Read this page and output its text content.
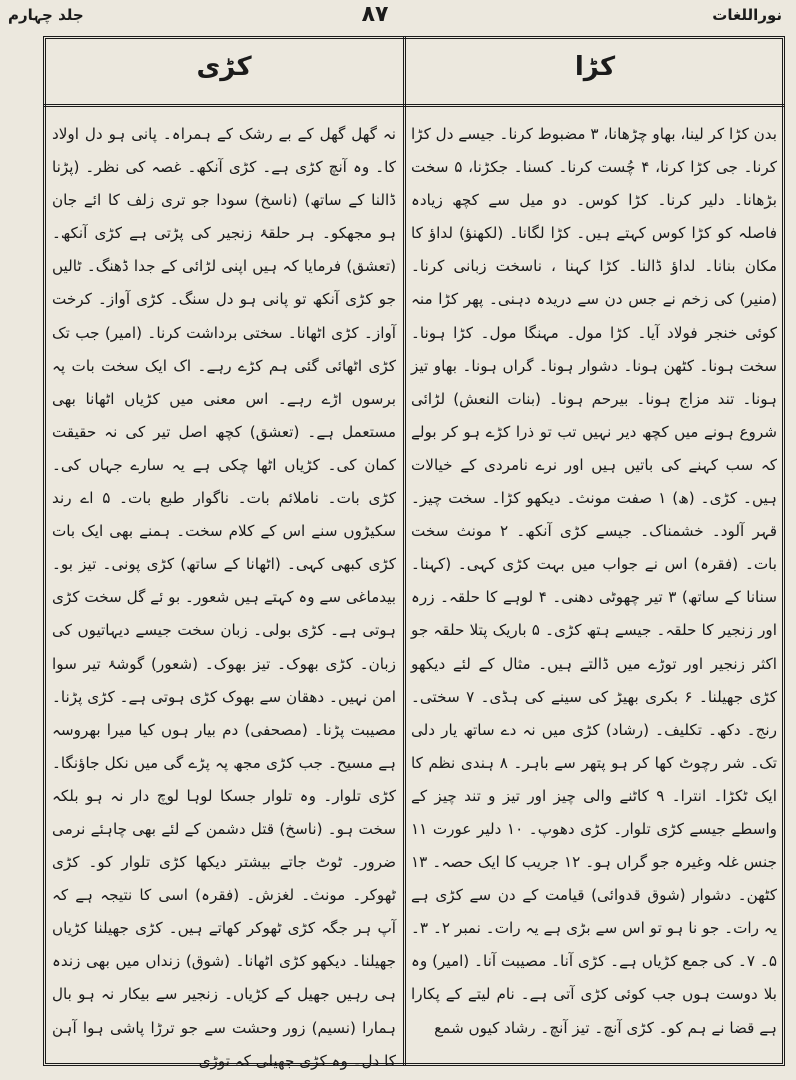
جلد چہارم	۸۷	نوراللغات
کڑا
کڑی

بدن کڑا کر لینا، بھاو چڑھانا، ۳ مضبوط کرنا۔ جیسے دل کڑا کرنا۔ جی کڑا کرنا، ۴ چُست کرنا۔ کسنا۔ جکڑنا، ۵ سخت بڑھانا۔ دلیر کرنا۔ کڑا کوس۔ دو میل سے کچھ زیادہ فاصلہ کو کڑا کوس کہتے ہیں۔ کڑا لگانا۔ (لکھنؤ) لداؤ کا مکان بنانا۔ لداؤ ڈالنا۔ کڑا کہنا ، ناسخت زبانی کرنا۔ (منیر) کی زخم نے جس دن سے دریدہ دہنی۔ پھر کڑا منہ کوئی خنجر فولاد آیا۔ کڑا مول۔ مہنگا مول۔ کڑا ہونا۔ سخت ہونا۔ کٹھن ہونا۔ دشوار ہونا۔ گراں ہونا۔ بھاو تیز ہونا۔ تند مزاج ہونا۔ بیرحم ہونا۔ (بنات النعش) لڑائی شروع ہونے میں کچھ دیر نہیں تب تو ذرا کڑے ہو کر بولے کہ سب کہنے کی باتیں ہیں اور نرے نامردی کے خیالات ہیں۔ کڑی۔ (ھ) ۱ صفت مونث۔ دیکھو کڑا۔ سخت چیز۔ قہر آلود۔ خشمناک۔ جیسے کڑی آنکھ۔ ۲ مونث سخت بات۔ (فقرہ) اس نے جواب میں بہت کڑی کہی۔ (کہنا۔ سنانا کے ساتھ) ۳ تیر چھوٹی دھنی۔ ۴ لوہے کا حلقہ۔ زرہ اور زنجیر کا حلقہ۔ جیسے ہتھ کڑی۔ ۵ باریک پتلا حلقہ جو اکثر زنجیر اور توڑے میں ڈالتے ہیں۔ مثال کے لئے دیکھو کڑی جھیلنا۔ ۶ بکری بھیڑ کی سینے کی ہڈی۔ ۷ سختی۔ رنج۔ دکھ۔ تکلیف۔ (رشاد) کڑی میں نہ دے ساتھ یار دلی تک۔ شر رچوٹ کھا کر ہو پتھر سے باہر۔ ۸ ہندی نظم کا ایک ٹکڑا۔ انترا۔ ۹ کاٹنے والی چیز اور تیز و تند چیز کے واسطے جیسے کڑی تلوار۔ کڑی دھوپ۔ ۱۰ دلیر عورت ۱۱ جنس غلہ وغیرہ جو گراں ہو۔ ۱۲ جریب کا ایک حصہ۔ ۱۳ کٹھن۔ دشوار (شوق قدوائی) قیامت کے دن سے کڑی ہے یہ رات۔ جو نا ہو تو اس سے بڑی ہے یہ رات۔ نمبر ۲۔ ۳۔ ۵۔ ۷۔ کی جمع کڑیاں ہے۔ کڑی آنا۔ مصیبت آنا۔ (امیر) وہ بلا دوست ہوں جب کوئی کڑی آتی ہے۔ نام لیتے کے پکارا ہے قضا نے ہم کو۔ کڑی آنچ۔ تیز آنچ۔ رشاد کیوں شمع

نہ گھل گھل کے بے رشک کے ہمراہ۔ پانی ہو دل اولاد کا۔ وہ آنچ کڑی ہے۔ کڑی آنکھ۔ غصہ کی نظر۔ (پڑنا ڈالنا کے ساتھ) (ناسخ) سودا جو تری زلف کا ائے جان ہو مجھکو۔ ہر حلقۂ زنجیر کی پڑتی ہے کڑی آنکھ۔ (تعشق) فرمایا کہ ہیں اپنی لڑائی کے جدا ڈھنگ۔ ٹالیں جو کڑی آنکھ تو پانی ہو دل سنگ۔ کڑی آواز۔ کرخت آواز۔ کڑی اٹھانا۔ سختی برداشت کرنا۔ (امیر) جب تک کڑی اٹھائی گئی ہم کڑے رہے۔ اک ایک سخت بات پہ برسوں اڑے رہے۔ اس معنی میں کڑیاں اٹھانا بھی مستعمل ہے۔ (تعشق) کچھ اصل تیر کی نہ حقیقت کمان کی۔ کڑیاں اٹھا چکی ہے یہ سارے جہاں کی۔ کڑی بات۔ ناملائم بات۔ ناگوار طبع بات۔ ۵ اے رند سکیڑوں سنے اس کے کلام سخت۔ ہمنے بھی ایک بات کڑی کبھی کہی۔ (اٹھانا کے ساتھ) کڑی پونی۔ تیز بو۔ بیدماغی سے وہ کہتے ہیں شعور۔ بو ئے گل سخت کڑی ہوتی ہے۔ کڑی بولی۔ زبان سخت جیسے دیہاتیوں کی زبان۔ کڑی بھوک۔ تیز بھوک۔ (شعور) گوشۂ تیر سوا امن نہیں۔ دهقان سے بھوک کڑی ہوتی ہے۔ کڑی پڑنا۔ مصیبت پڑنا۔ (مصحفی) دم بیار ہوں کیا میرا بھروسہ ہے مسیح۔ جب کڑی مجھ پہ پڑے گی میں نکل جاؤنگا۔ کڑی تلوار۔ وہ تلوار جسکا لوہا لوچ دار نہ ہو بلکہ سخت ہو۔ (ناسخ) قتل دشمن کے لئے بھی چاہئے نرمی ضرور۔ ٹوٹ جاتے بیشتر دیکھا کڑی تلوار کو۔ کڑی ٹھوکر۔ مونث۔ لغزش۔ (فقرہ) اسی کا نتیجہ ہے کہ آپ ہر جگہ کڑی ٹھوکر کھاتے ہیں۔ کڑی جھیلنا کڑیاں جھیلنا۔ دیکھو کڑی اٹھانا۔ (شوق) زنداں میں بھی زندہ ہی رہیں جھیل کے کڑیاں۔ زنجیر سے بیکار نہ ہو بال ہمارا (نسیم) زور وحشت سے جو ترڑا پاشی ہوا آہن کا دل۔ وہ کڑی جھیلی کہ توڑی
